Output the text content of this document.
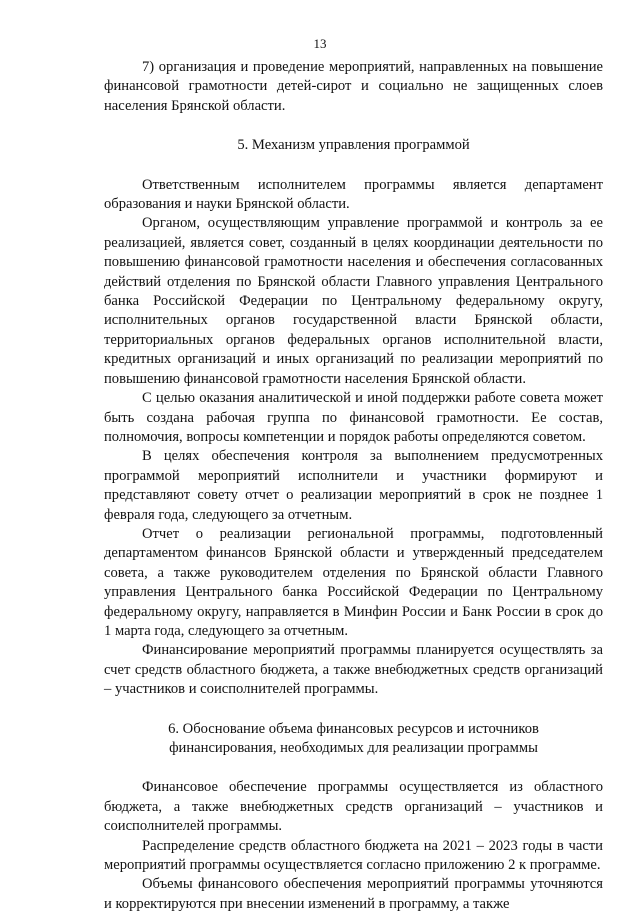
13

7) организация и проведение мероприятий, направленных на повышение финансовой грамотности детей-сирот и социально не защищенных слоев населения Брянской области.

5. Механизм управления программой

Ответственным исполнителем программы является департамент образования и науки Брянской области.

Органом, осуществляющим управление программой и контроль за ее реализацией, является совет, созданный в целях координации деятельности по повышению финансовой грамотности населения и обеспечения согласованных действий отделения по Брянской области Главного управления Центрального банка Российской Федерации по Центральному федеральному округу, исполнительных органов государственной власти Брянской области, территориальных органов федеральных органов исполнительной власти, кредитных организаций и иных организаций по реализации мероприятий по повышению финансовой грамотности населения Брянской области.

С целью оказания аналитической и иной поддержки работе совета может быть создана рабочая группа по финансовой грамотности. Ее состав, полномочия, вопросы компетенции и порядок работы определяются советом.

В целях обеспечения контроля за выполнением предусмотренных программой мероприятий исполнители и участники формируют и представляют совету отчет о реализации мероприятий в срок не позднее 1 февраля года, следующего за отчетным.

Отчет о реализации региональной программы, подготовленный департаментом финансов Брянской области и утвержденный председателем совета, а также руководителем отделения по Брянской области Главного управления Центрального банка Российской Федерации по Центральному федеральному округу, направляется в Минфин России и Банк России в срок до 1 марта года, следующего за отчетным.

Финансирование мероприятий программы планируется осуществлять за счет средств областного бюджета, а также внебюджетных средств организаций – участников и соисполнителей программы.

6. Обоснование объема финансовых ресурсов и источников финансирования, необходимых для реализации программы

Финансовое обеспечение программы осуществляется из областного бюджета, а также внебюджетных средств организаций – участников и соисполнителей программы.

Распределение средств областного бюджета на 2021 – 2023 годы в части мероприятий программы осуществляется согласно приложению 2 к программе.

Объемы финансового обеспечения мероприятий программы уточняются и корректируются при внесении изменений в программу, а также
